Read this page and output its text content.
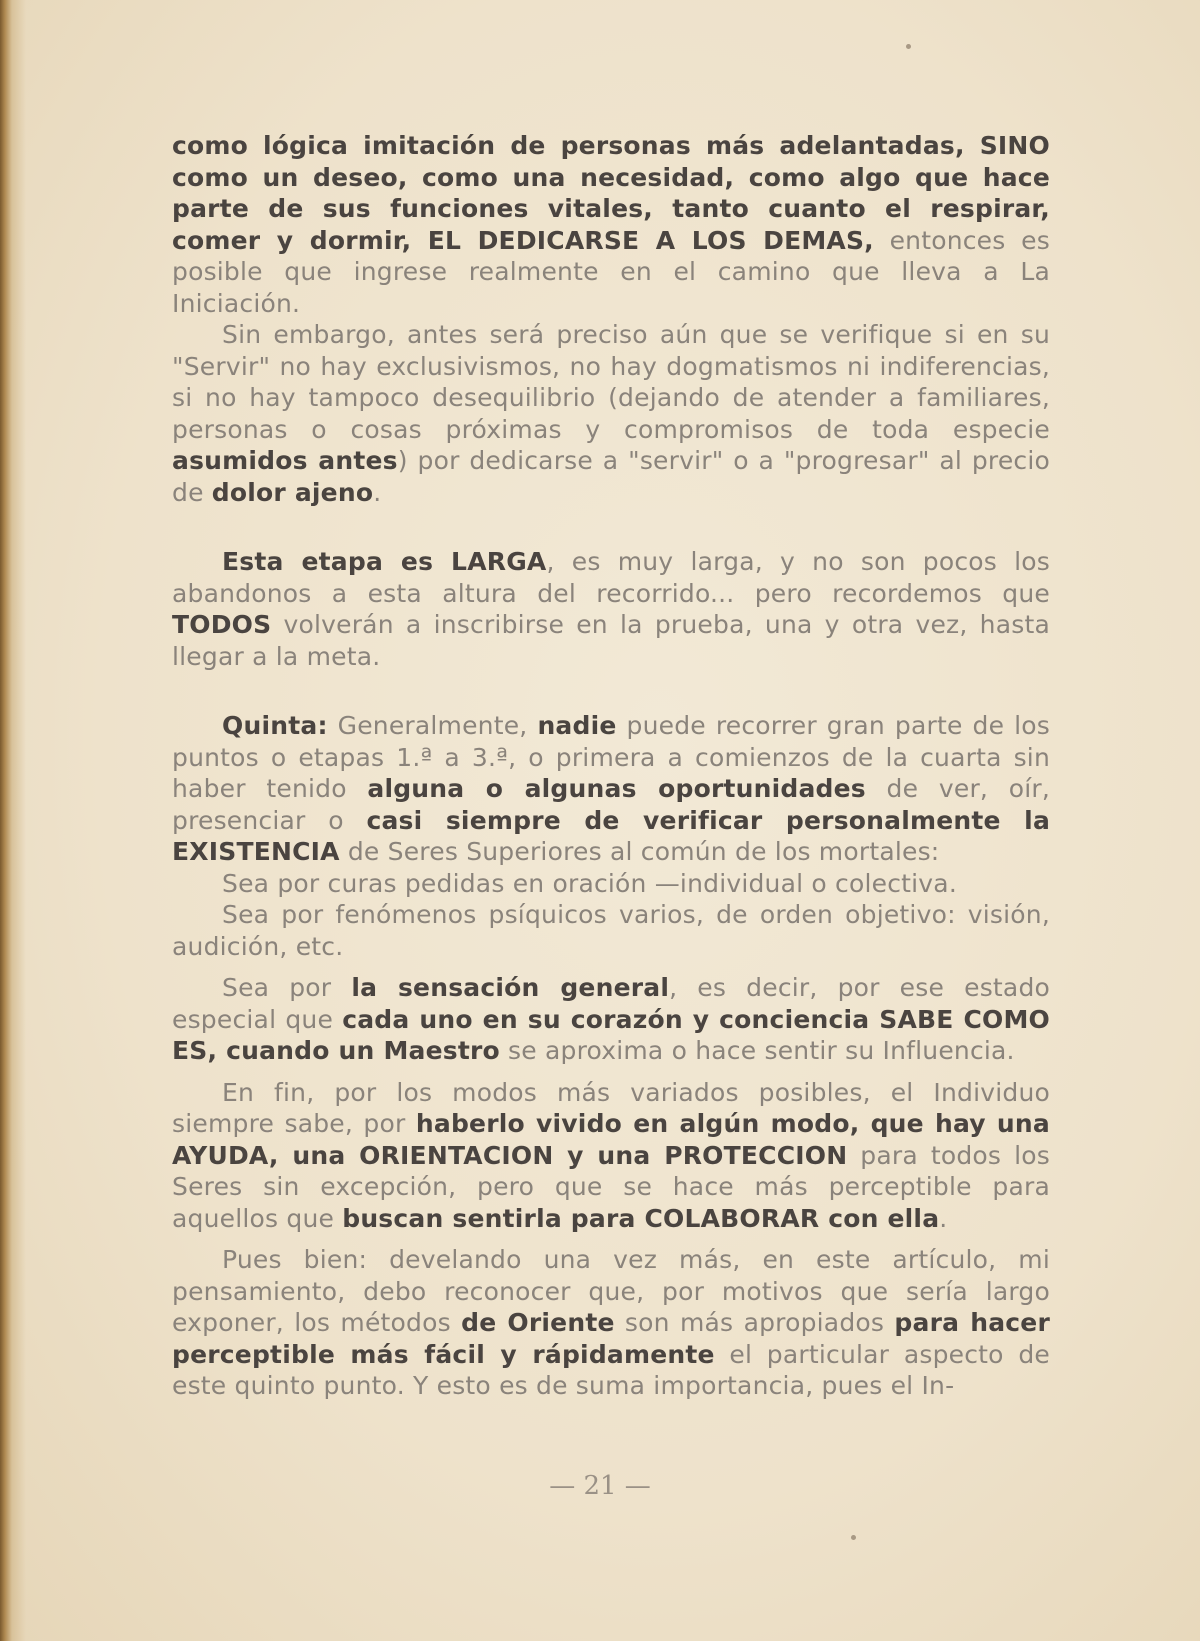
como lógica imitación de personas más adelantadas, SINO como un deseo, como una necesidad, como algo que hace parte de sus funciones vitales, tanto cuanto el respirar, comer y dormir, EL DEDICARSE A LOS DEMAS, entonces es posible que ingrese realmente en el camino que lleva a La Iniciación.

Sin embargo, antes será preciso aún que se verifique si en su "Servir" no hay exclusivismos, no hay dogmatismos ni indiferencias, si no hay tampoco desequilibrio (dejando de atender a familiares, personas o cosas próximas y compromisos de toda especie asumidos antes) por dedicarse a "servir" o a "progresar" al precio de dolor ajeno.

Esta etapa es LARGA, es muy larga, y no son pocos los abandonos a esta altura del recorrido... pero recordemos que TODOS volverán a inscribirse en la prueba, una y otra vez, hasta llegar a la meta.

Quinta: Generalmente, nadie puede recorrer gran parte de los puntos o etapas 1.ª a 3.ª, o primera a comienzos de la cuarta sin haber tenido alguna o algunas oportunidades de ver, oír, presenciar o casi siempre de verificar personalmente la EXISTENCIA de Seres Superiores al común de los mortales:

Sea por curas pedidas en oración —individual o colectiva.

Sea por fenómenos psíquicos varios, de orden objetivo: visión, audición, etc.

Sea por la sensación general, es decir, por ese estado especial que cada uno en su corazón y conciencia SABE COMO ES, cuando un Maestro se aproxima o hace sentir su Influencia.

En fin, por los modos más variados posibles, el Individuo siempre sabe, por haberlo vivido en algún modo, que hay una AYUDA, una ORIENTACION y una PROTECCION para todos los Seres sin excepción, pero que se hace más perceptible para aquellos que buscan sentirla para COLABORAR con ella.

Pues bien: develando una vez más, en este artículo, mi pensamiento, debo reconocer que, por motivos que sería largo exponer, los métodos de Oriente son más apropiados para hacer perceptible más fácil y rápidamente el particular aspecto de este quinto punto. Y esto es de suma importancia, pues el In-

— 21 —
